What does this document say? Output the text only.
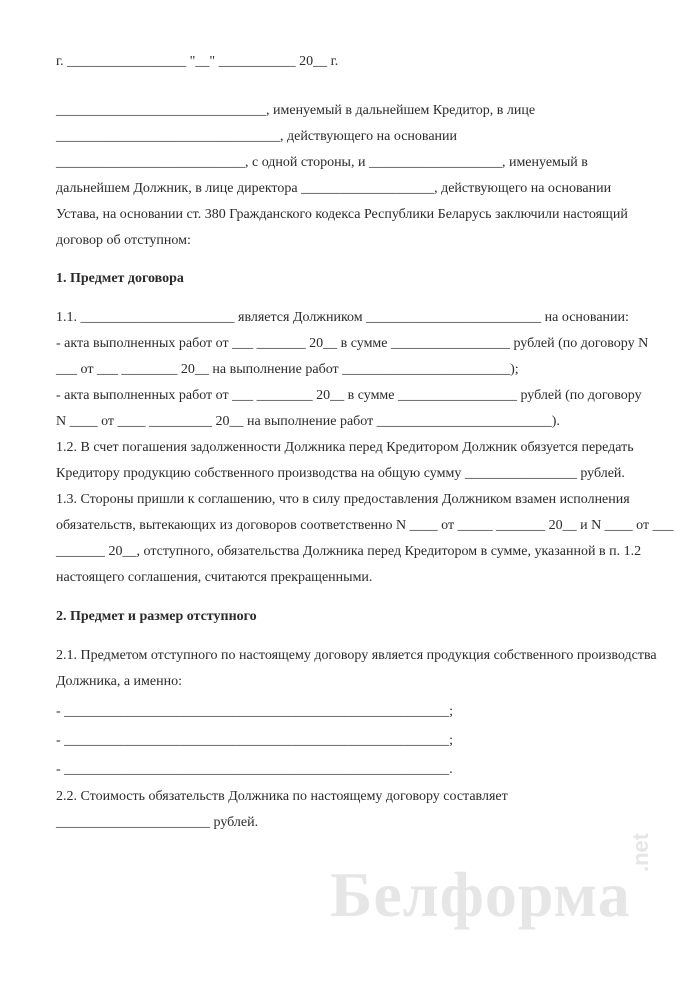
г. _________________ "__" ___________ 20__ г.
______________________________, именуемый в дальнейшем Кредитор, в лице
________________________________, действующего на основании
___________________________, с одной стороны, и ___________________, именуемый в
дальнейшем Должник, в лице директора ___________________, действующего на основании
Устава, на основании ст. 380 Гражданского кодекса Республики Беларусь заключили настоящий
договор об отступном:
1. Предмет договора
1.1. ______________________ является Должником _________________________ на основании:
- акта выполненных работ от ___ _______ 20__ в сумме _________________ рублей (по договору N
___ от ___ ________ 20__ на выполнение работ ________________________);
- акта выполненных работ от ___ ________ 20__ в сумме _________________ рублей (по договору
N ____ от ____ _________ 20__ на выполнение работ _________________________).
1.2. В счет погашения задолженности Должника перед Кредитором Должник обязуется передать
Кредитору продукцию собственного производства на общую сумму ________________ рублей.
1.3. Стороны пришли к соглашению, что в силу предоставления Должником взамен исполнения
обязательств, вытекающих из договоров соответственно N ____ от _____ _______ 20__ и N ____ от ___
_______ 20__, отступного, обязательства Должника перед Кредитором в сумме, указанной в п. 1.2
настоящего соглашения, считаются прекращенными.
2. Предмет и размер отступного
2.1. Предметом отступного по настоящему договору является продукция собственного производства
Должника, а именно:
- _______________________________________________________;
- _______________________________________________________;
- _______________________________________________________.
2.2. Стоимость обязательств Должника по настоящему договору составляет
______________________ рублей.
Белформа
.net
